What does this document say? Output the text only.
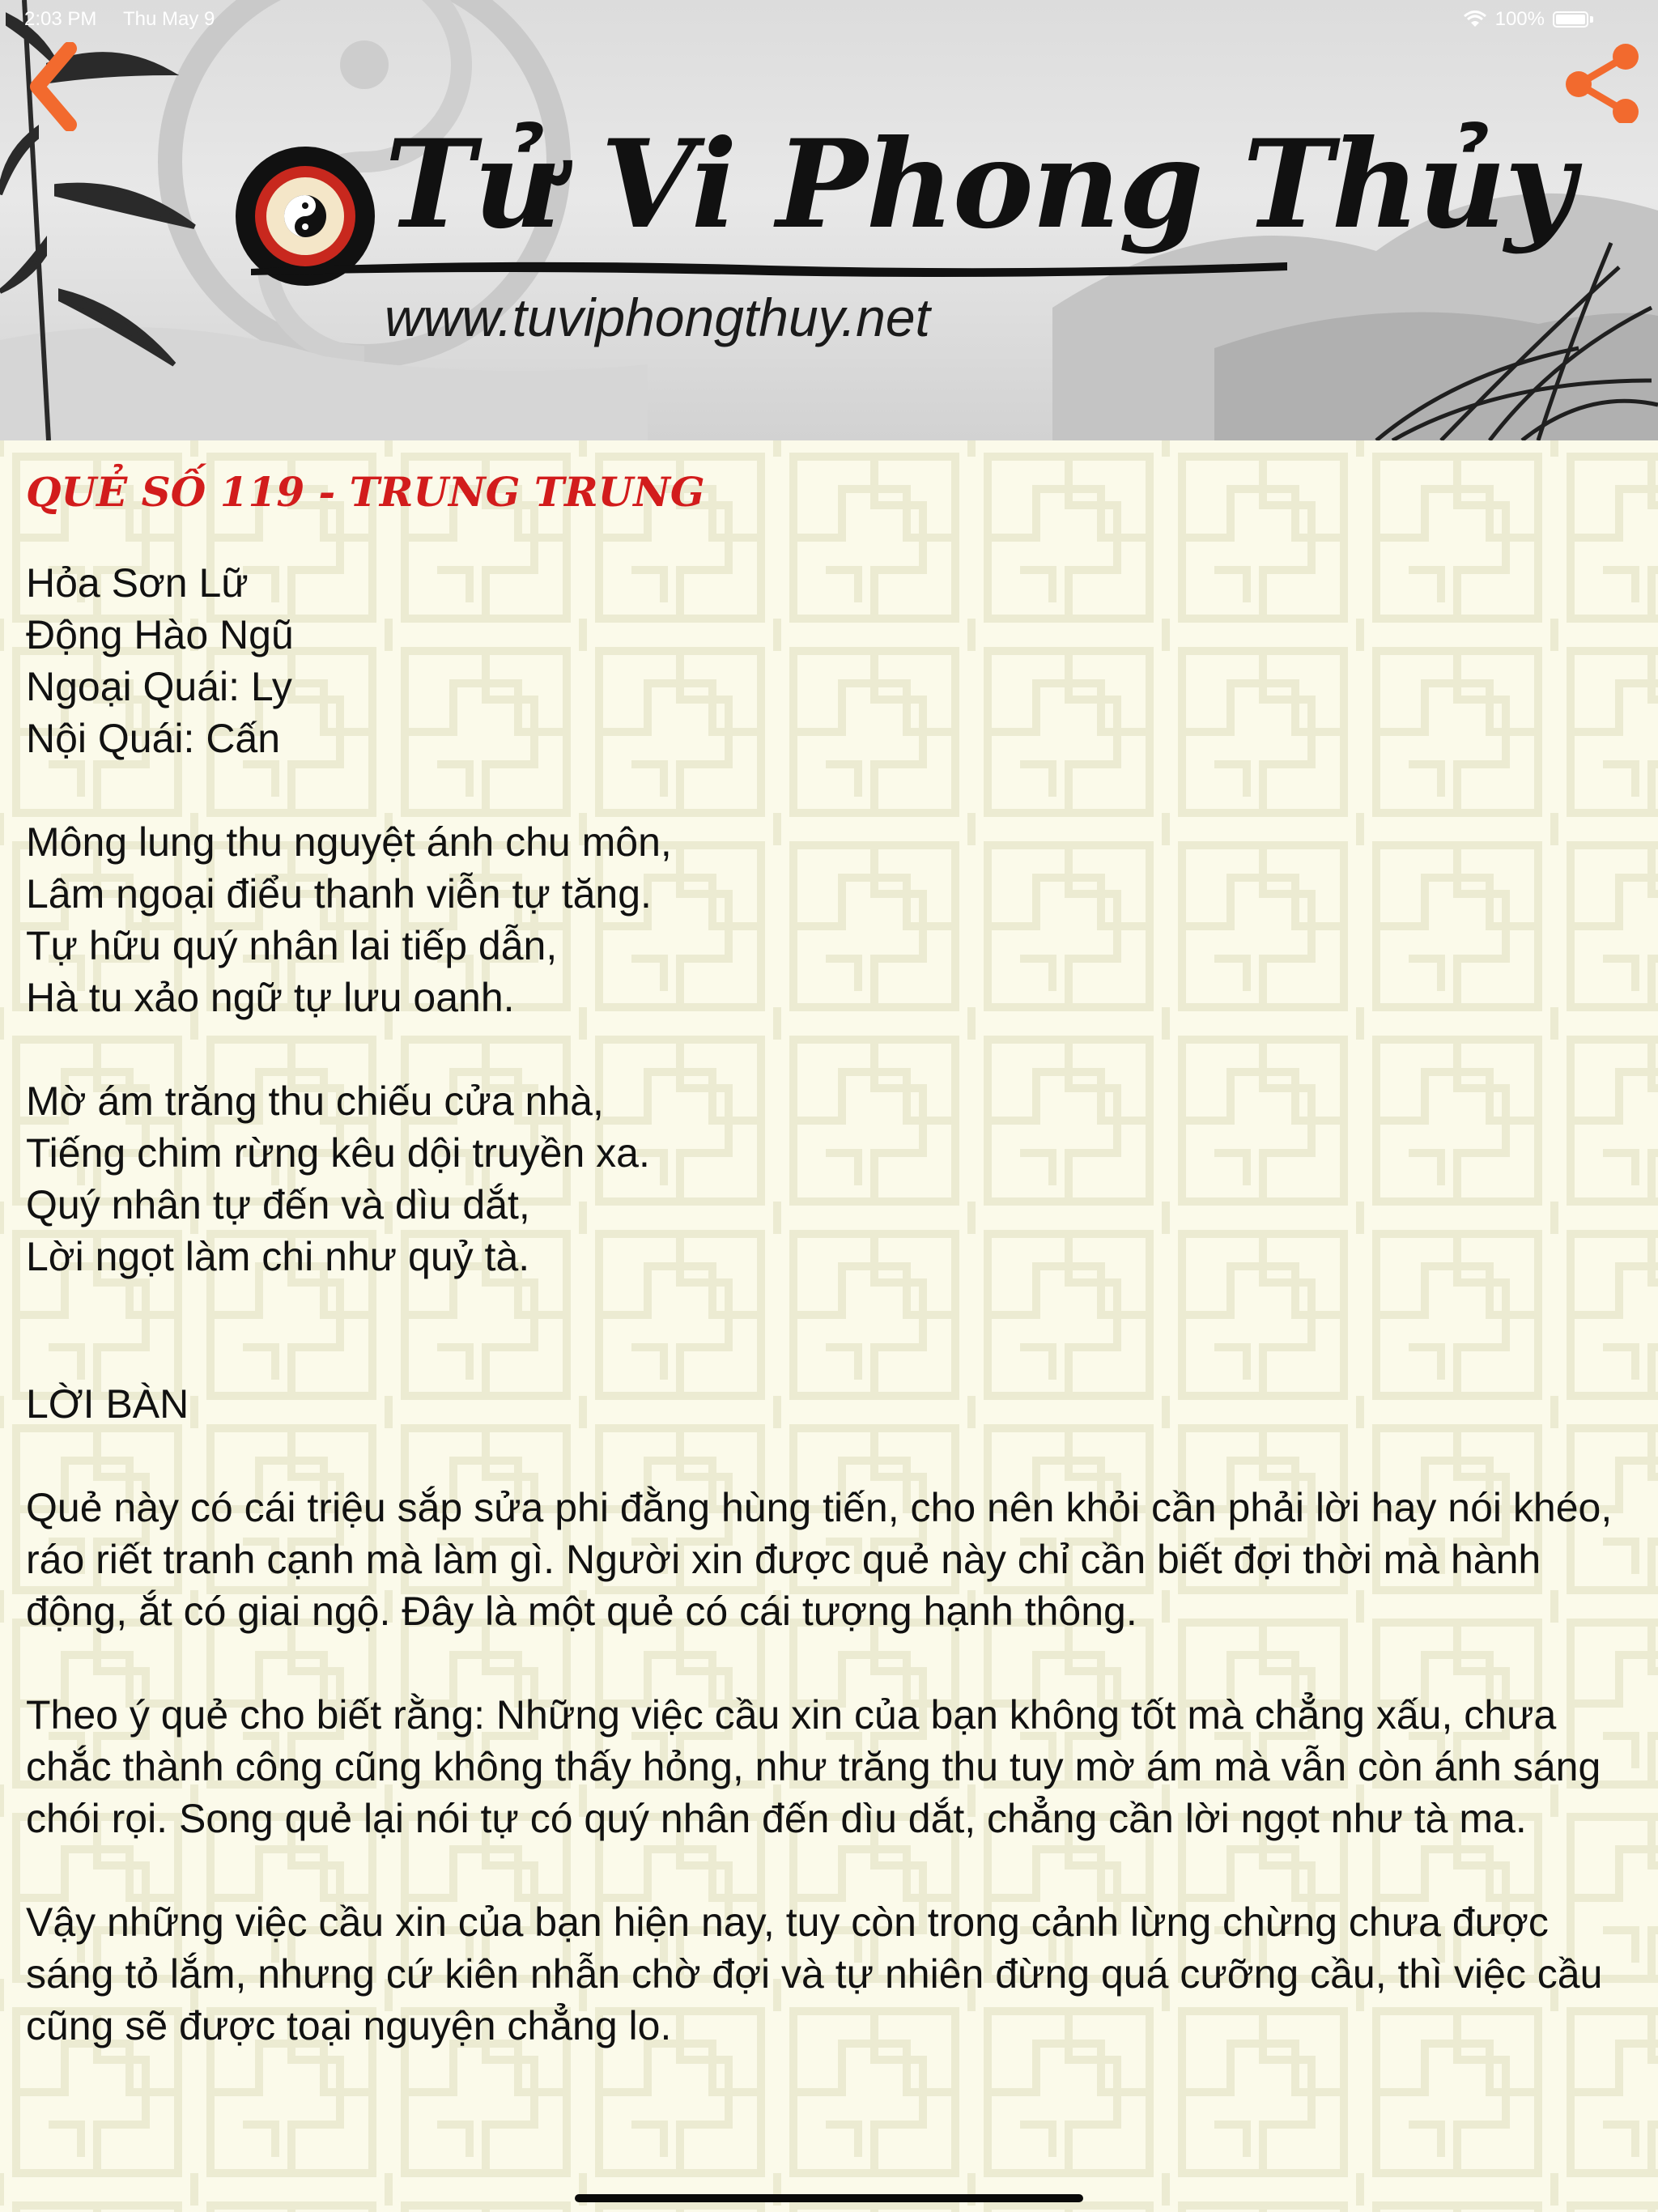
2:03 PM Thu May 9	100%
Tử Vi Phong Thủy
www.tuviphongthuy.net

QUẺ SỐ 119 - TRUNG TRUNG

Hỏa Sơn Lữ

Động Hào Ngũ

Ngoại Quái: Ly

Nội Quái: Cấn

Mông lung thu nguyệt ánh chu môn,

Lâm ngoại điểu thanh viễn tự tăng.

Tự hữu quý nhân lai tiếp dẫn,

Hà tu xảo ngữ tự lưu oanh.

Mờ ám trăng thu chiếu cửa nhà,

Tiếng chim rừng kêu dội truyền xa.

Quý nhân tự đến và dìu dắt,

Lời ngọt làm chi như quỷ tà.

LỜI BÀN

Quẻ này có cái triệu sắp sửa phi đằng hùng tiến, cho nên khỏi cần phải lời hay nói khéo, ráo riết tranh cạnh mà làm gì. Người xin được quẻ này chỉ cần biết đợi thời mà hành động, ắt có giai ngộ. Đây là một quẻ có cái tượng hạnh thông.

Theo ý quẻ cho biết rằng: Những việc cầu xin của bạn không tốt mà chẳng xấu, chưa chắc thành công cũng không thấy hỏng, như trăng thu tuy mờ ám mà vẫn còn ánh sáng chói rọi. Song quẻ lại nói tự có quý nhân đến dìu dắt, chẳng cần lời ngọt như tà ma.

Vậy những việc cầu xin của bạn hiện nay, tuy còn trong cảnh lừng chừng chưa được sáng tỏ lắm, nhưng cứ kiên nhẫn chờ đợi và tự nhiên đừng quá cưỡng cầu, thì việc cầu cũng sẽ được toại nguyện chẳng lo.
